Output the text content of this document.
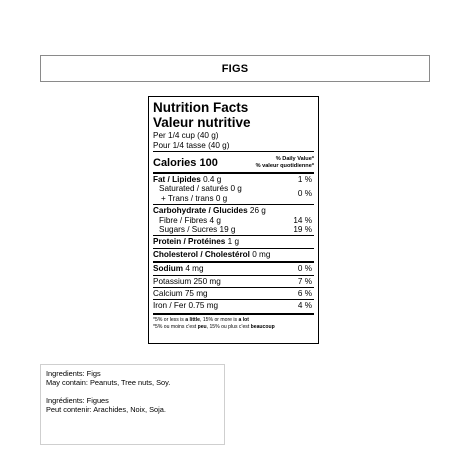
FIGS
Nutrition Facts
Valeur nutritive
Per 1/4 cup (40 g)
Pour 1/4 tasse (40 g)
Calories 100	% Daily Value*
% valeur quotidienne*
Fat / Lipides 0.4 g	1 %
Saturated / saturés 0 g
+ Trans / trans 0 g	0 %
Carbohydrate / Glucides 26 g
Fibre / Fibres 4 g	14 %
Sugars / Sucres 19 g	19 %
Protein / Protéines 1 g
Cholesterol / Cholestérol 0 mg
Sodium 4 mg	0 %
Potassium 250 mg	7 %
Calcium 75 mg	6 %
Iron / Fer 0.75 mg	4 %
*5% or less is a little, 15% or more is a lot
*5% ou moins c'est peu, 15% ou plus c'est beaucoup
Ingredients: Figs
May contain: Peanuts, Tree nuts, Soy.
Ingrédients: Figues
Peut contenir: Arachides, Noix, Soja.
